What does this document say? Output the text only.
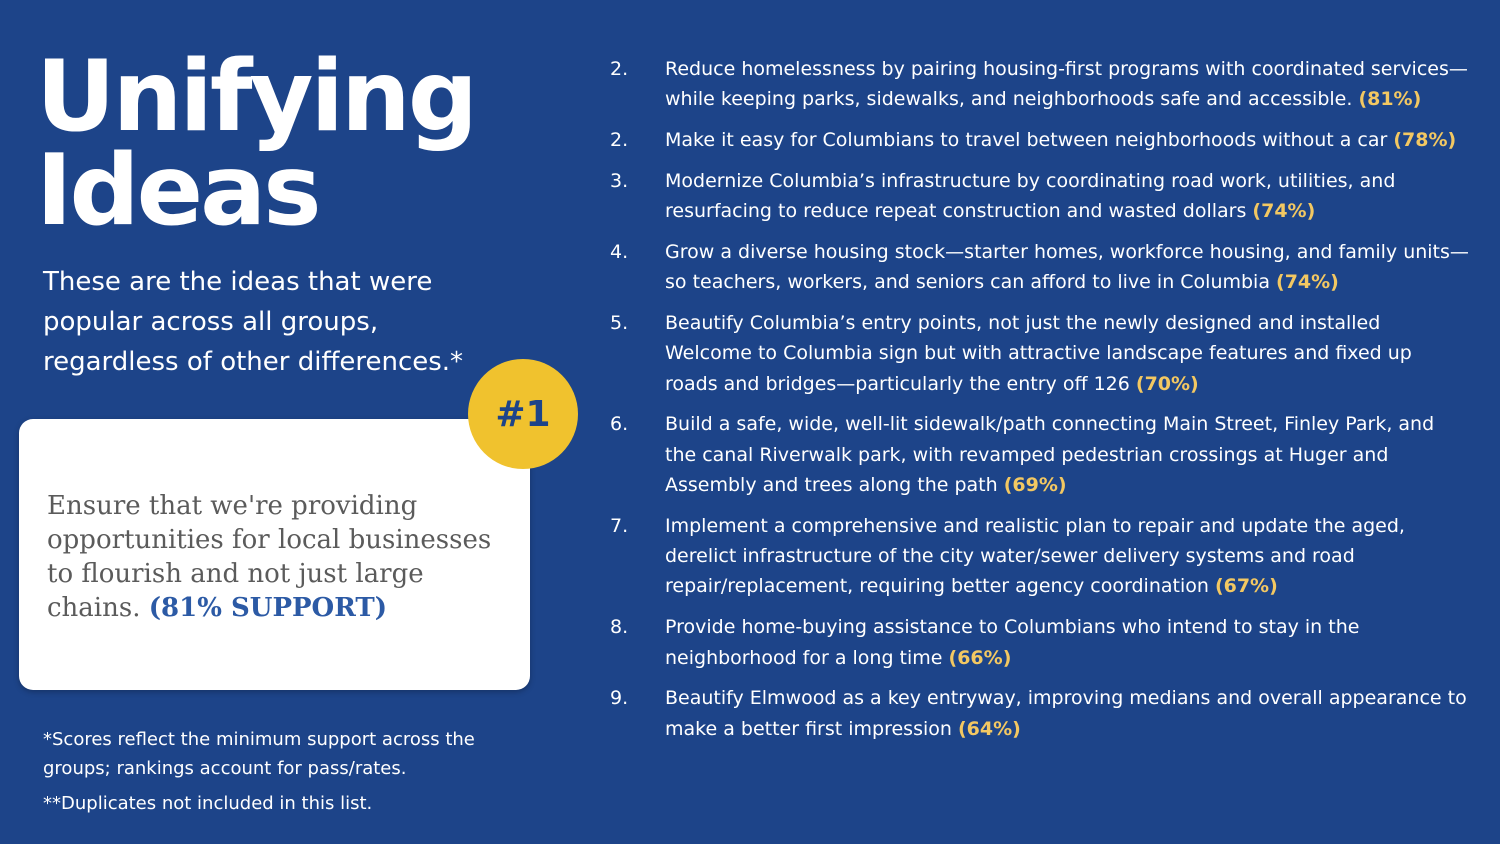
Unifying
Ideas

These are the ideas that were popular across all groups, regardless of other differences.*

Ensure that we're providing opportunities for local businesses to flourish and not just large chains. (81% SUPPORT)

#1

*Scores reflect the minimum support across the groups; rankings account for pass/rates.

**Duplicates not included in this list.

2.	Reduce homelessness by pairing housing-first programs with coordinated services—while keeping parks, sidewalks, and neighborhoods safe and accessible. (81%)
2.	Make it easy for Columbians to travel between neighborhoods without a car (78%)
3.	Modernize Columbia’s infrastructure by coordinating road work, utilities, and resurfacing to reduce repeat construction and wasted dollars (74%)
4.	Grow a diverse housing stock—starter homes, workforce housing, and family units—so teachers, workers, and seniors can afford to live in Columbia (74%)
5.	Beautify Columbia’s entry points, not just the newly designed and installed Welcome to Columbia sign but with attractive landscape features and fixed up roads and bridges—particularly the entry off 126 (70%)
6.	Build a safe, wide, well-lit sidewalk/path connecting Main Street, Finley Park, and the canal Riverwalk park, with revamped pedestrian crossings at Huger and Assembly and trees along the path (69%)
7.	Implement a comprehensive and realistic plan to repair and update the aged, derelict infrastructure of the city water/sewer delivery systems and road repair/replacement, requiring better agency coordination (67%)
8.	Provide home-buying assistance to Columbians who intend to stay in the neighborhood for a long time (66%)
9.	Beautify Elmwood as a key entryway, improving medians and overall appearance to make a better first impression (64%)
